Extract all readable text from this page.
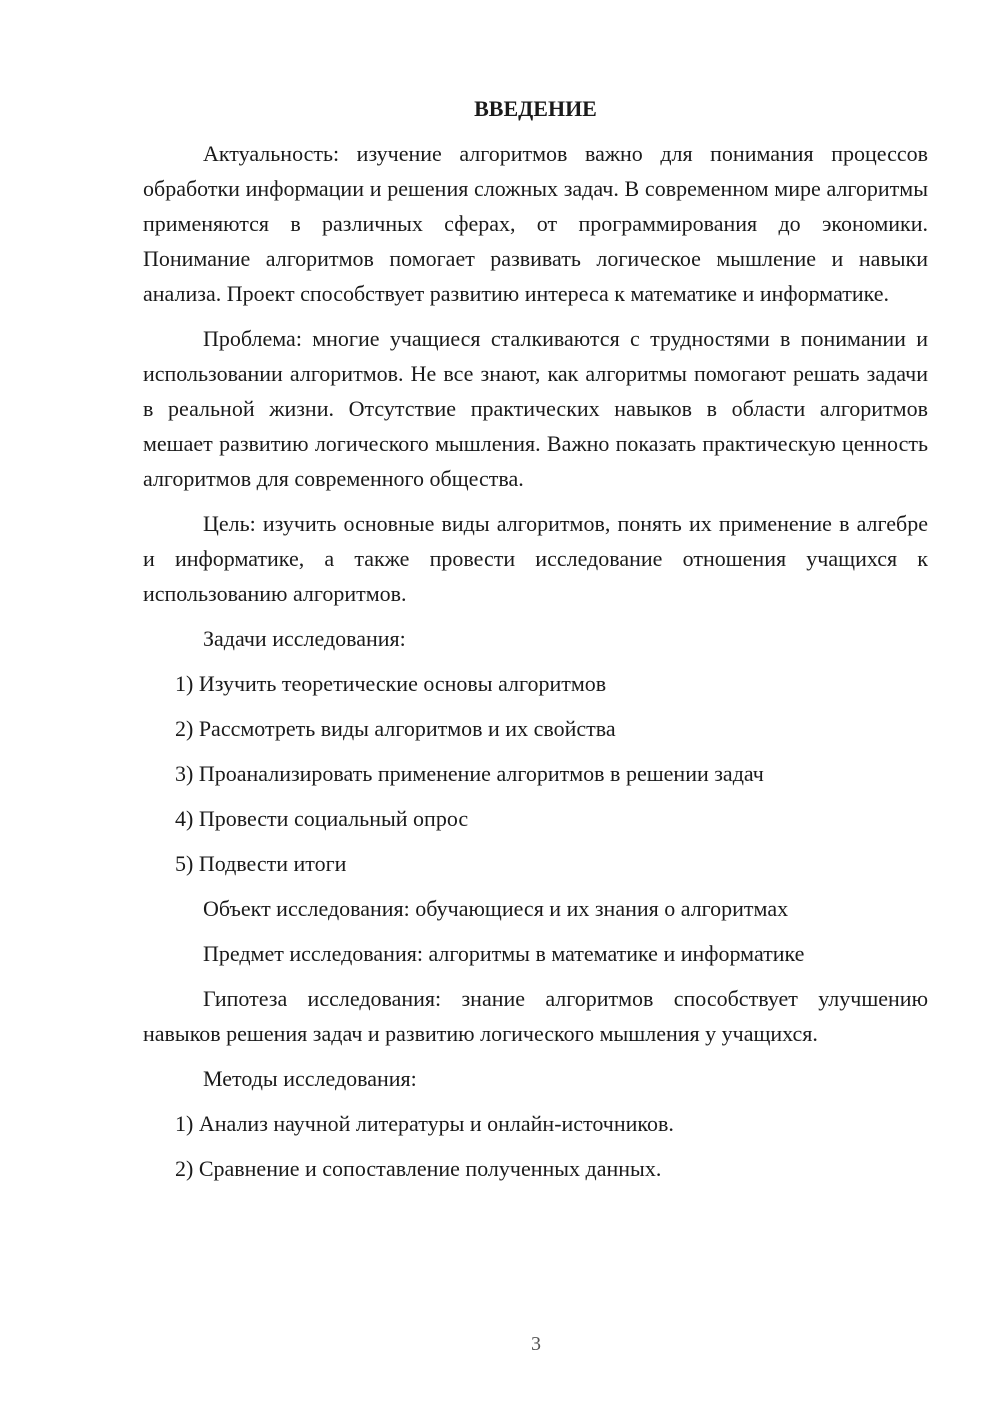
ВВЕДЕНИЕ

Актуальность: изучение алгоритмов важно для понимания процессов обработки информации и решения сложных задач. В современном мире алгоритмы применяются в различных сферах, от программирования до экономики. Понимание алгоритмов помогает развивать логическое мышление и навыки анализа. Проект способствует развитию интереса к математике и информатике.

Проблема: многие учащиеся сталкиваются с трудностями в понимании и использовании алгоритмов. Не все знают, как алгоритмы помогают решать задачи в реальной жизни. Отсутствие практических навыков в области алгоритмов мешает развитию логического мышления. Важно показать практическую ценность алгоритмов для современного общества.

Цель: изучить основные виды алгоритмов, понять их применение в алгебре и информатике, а также провести исследование отношения учащихся к использованию алгоритмов.

Задачи исследования:

1) Изучить теоретические основы алгоритмов

2) Рассмотреть виды алгоритмов и их свойства

3) Проанализировать применение алгоритмов в решении задач

4) Провести социальный опрос

5) Подвести итоги

Объект исследования: обучающиеся и их знания о алгоритмах

Предмет исследования: алгоритмы в математике и информатике

Гипотеза исследования: знание алгоритмов способствует улучшению навыков решения задач и развитию логического мышления у учащихся.

Методы исследования:

1) Анализ научной литературы и онлайн-источников.

2) Сравнение и сопоставление полученных данных.

3
